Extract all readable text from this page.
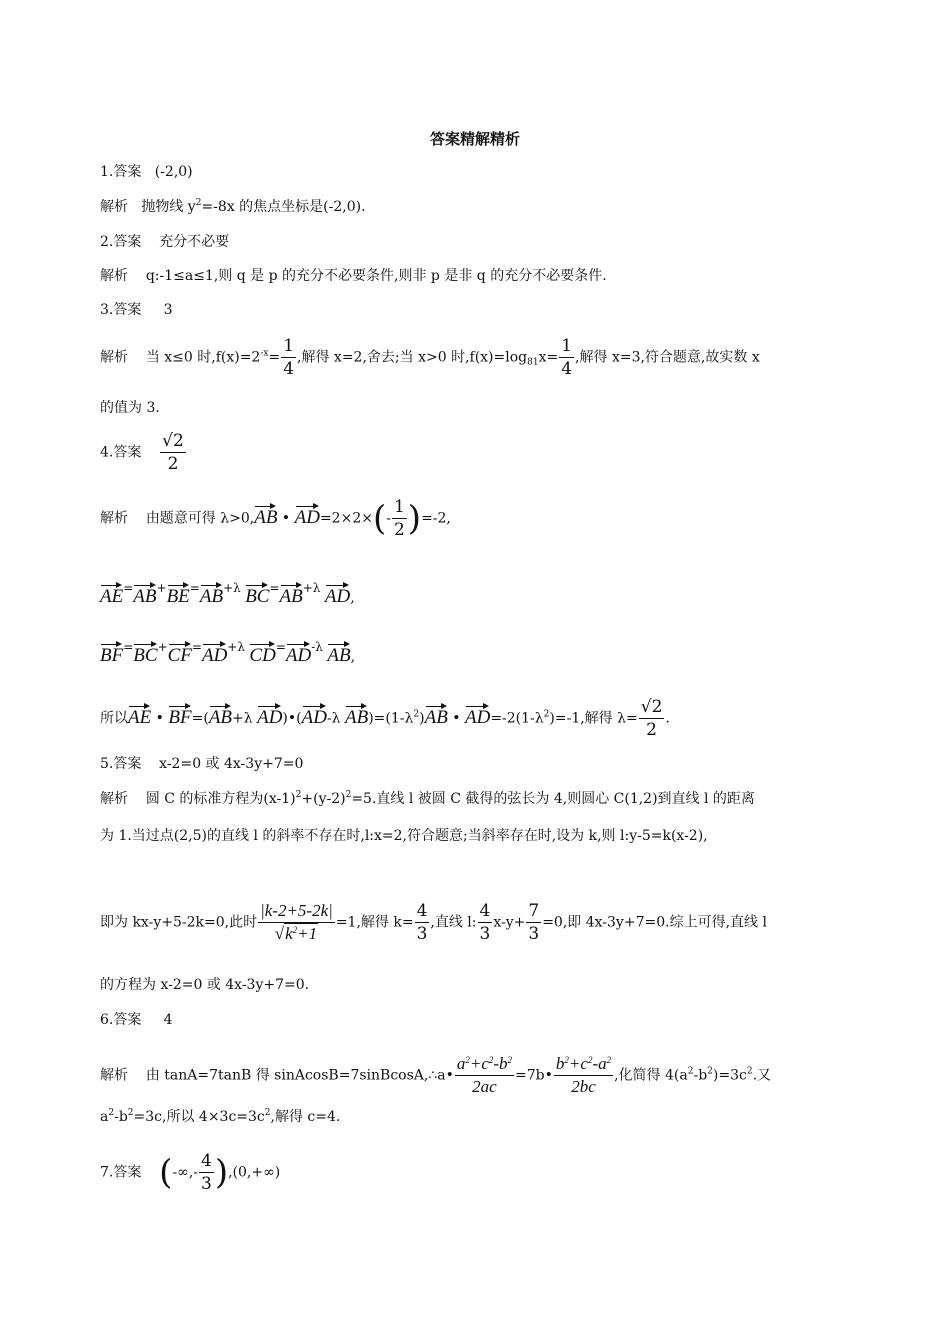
答案精解精析
1.答案 (-2,0)
解析 抛物线 $y^2=-8x$ 的焦点坐标是(-2,0).
2.答案 充分不必要
解析 q:-1≤a≤1,则 q 是 p 的充分不必要条件,则非 p 是非 q 的充分不必要条件.
3.答案 3
解析 当 x≤0 时$,f(x)=2^{-x}= \frac{1}{4}$ ,解得 x=2,舍去;当 x>0 时$,f(x)=\log_{81}x= \frac{1}{4}$ ,解得 x=3,符合题意,故实数 x
的值为 3.
4.答案 $\frac{√2}{2}$
解析 由题意可得 λ>0,AB • $AD=2\times 2\times(- \frac{1}{2} )=-2$,
AE=AB+BE=AB+λ BC=AB+λ AD,
BF=BC+CF=AD+λ CD=AD-λ AB,
所以AE • BF=(AB+λ AD)•(AD-λ $AB)=(1-\lambda^2)AB$ • $AD=-2(1-\lambda^2)=-1$,解得 $\lambda= \frac{√2}{2}$ .
5.答案 x-2=0 或 4x-3y+7=0
解析 圆 C 的标准方程为$(x-1)^2+(y-2)^2=5$.直线 l 被圆 C 截得的弦长为 4,则圆心 C(1,2)到直线 l 的距离
为 1.当过点(2,5)的直线 l 的斜率不存在时,l:x=2,符合题意;当斜率存在时,设为 k,则 l:y-5=k(x-2),
即为 kx-y+5-2k=0,此时 $\frac{|k-2+5-2k|}{√k^2+1} =1$,解得 $k= \frac{4}{3}$ ,直线 l: $\frac{4}{3} x-y+ \frac{7}{3} =0$,即 4x-3y+7=0.综上可得,直线 l
的方程为 x-2=0 或 4x-3y+7=0.
6.答案 4
解析 由 tanA=7tanB 得 sinAcosB=7sinBcosA,∴a• $\frac{a^2+c^2-b^2}{2ac}$ =7b• $\frac{b^2+c^2-a^2}{2bc}$ ,化简得 $4(a^2-b^2)=3c^2$.又
$a^2-b^2=3c$,所以 $4\times 3c=3c^2$,解得 c=4.
7.答案 (-∞,- $\frac{4}{3} ),(0,+\infty)$
